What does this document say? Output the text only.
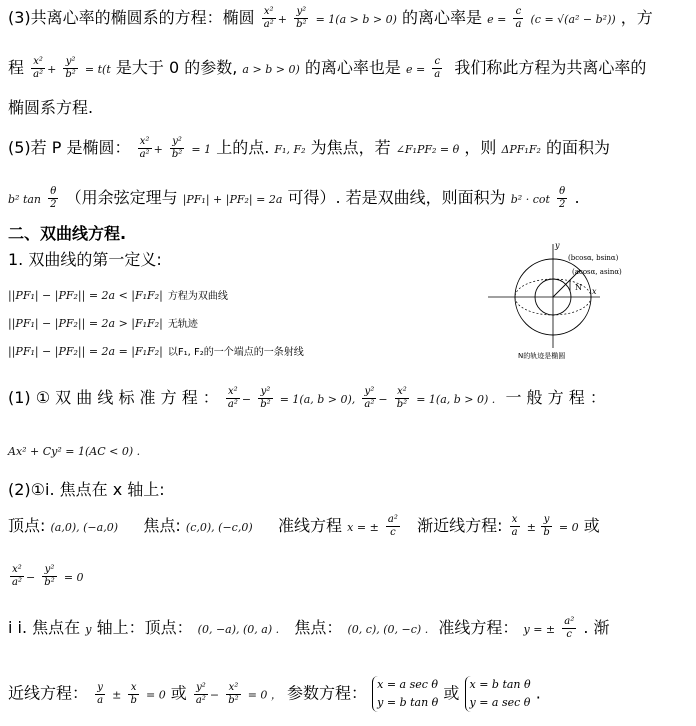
(3)共离心率的椭圆系的方程：椭圆 $\frac{\text{x²}}{\text{a²}} + \frac{\text{y²}}{\text{b²}} = 1(a > b > 0)$ 的离心率是 $e = \frac{c}{a} (c = √(a^2 - b^2))$ ，方
程 $\frac{\text{x²}}{\text{a²}} + \frac{\text{y²}}{\text{b²}} = t(t$ 是大于 0 的参数, a > b > 0) 的离心率也是 $e = \frac{c}{a}$ 我们称此方程为共离心率的
椭圆系方程.
(5)若 P 是椭圆： $\frac{\text{x²}}{\text{a²}} + \frac{\text{y²}}{\text{b²}} = 1$ 上的点. F₁, F₂ 为焦点，若 ∠F₁PF₂ = θ ，则 ΔPF₁F₂ 的面积为
b² $\tan \frac{\theta}{2}$ （用余弦定理与 |PF₁| + |PF₂| = 2a 可得）. 若是双曲线，则面积为 $b^2 \cdot \cot \frac{\theta}{2}$ .
二、双曲线方程.
1. 双曲线的第一定义:
||PF₁| − |PF₂|| = 2a < |F₁F₂| 方程为双曲线
||PF₁| − |PF₂|| = 2a > |F₁F₂| 无轨迹
||PF₁| − |PF₂|| = 2a = |F₁F₂| 以F₁, F₂的一个端点的一条射线
y
x
N
(bcosα, bsinα)
(acosα, asinα)
N的轨迹是椭圆
(1) ① 双 曲 线 标 准 方 程 ： $\frac{\text{x²}}{\text{a²}} - \frac{\text{y²}}{\text{b²}} = 1(a$, b > 0), $\frac{\text{y²}}{\text{a²}} - \frac{\text{x²}}{\text{b²}} = 1(a$, b > 0) . 一 般 方 程 ：
Ax² + Cy² = 1(AC < 0) .
(2)①i. 焦点在 x 轴上:
顶点: (a,0), (−a,0) 焦点: (c,0), (−c,0) 准线方程 x = ± $\frac{\text{a²}}{c}$ 渐近线方程: $\frac{x}{a} \pm \frac{y}{b} = 0$ 或
$\frac{\text{x²}}{\text{a²}} - \frac{\text{y²}}{\text{b²}} = 0$
i i. 焦点在 y 轴上：顶点： (0, −a), (0, a) . 焦点： (0, c), (0, −c) . 准线方程： y = ± $\frac{\text{a²}}{c}$ . 渐
近线方程： $\frac{y}{a} \pm \frac{x}{b} = 0$ 或 $\frac{\text{y²}}{\text{a²}} - \frac{\text{x²}}{\text{b²}} = 0$ ， 参数方程： x = a sec θ
y = b tan θ 或 x = b tan θ
y = a sec θ .
